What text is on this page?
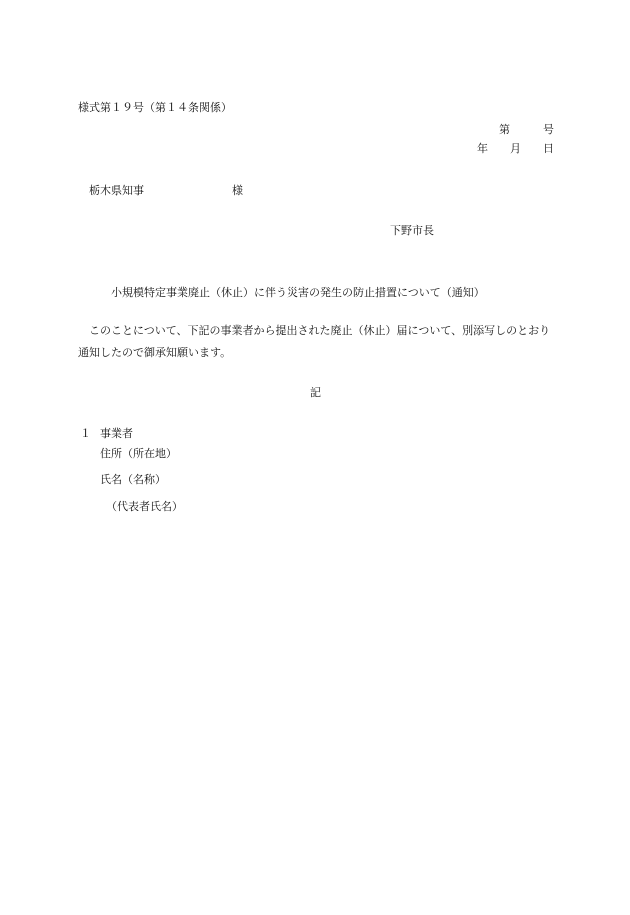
様式第１９号（第１４条関係）
第　　　号
年　　月　　日
栃木県知事	様
下野市長
小規模特定事業廃止（休止）に伴う災害の発生の防止措置について（通知）
このことについて、下記の事業者から提出された廃止（休止）届について、別添写しのとおり通知したので御承知願います。
記
１ 事業者
住所（所在地）
氏名（名称）
（代表者氏名）
